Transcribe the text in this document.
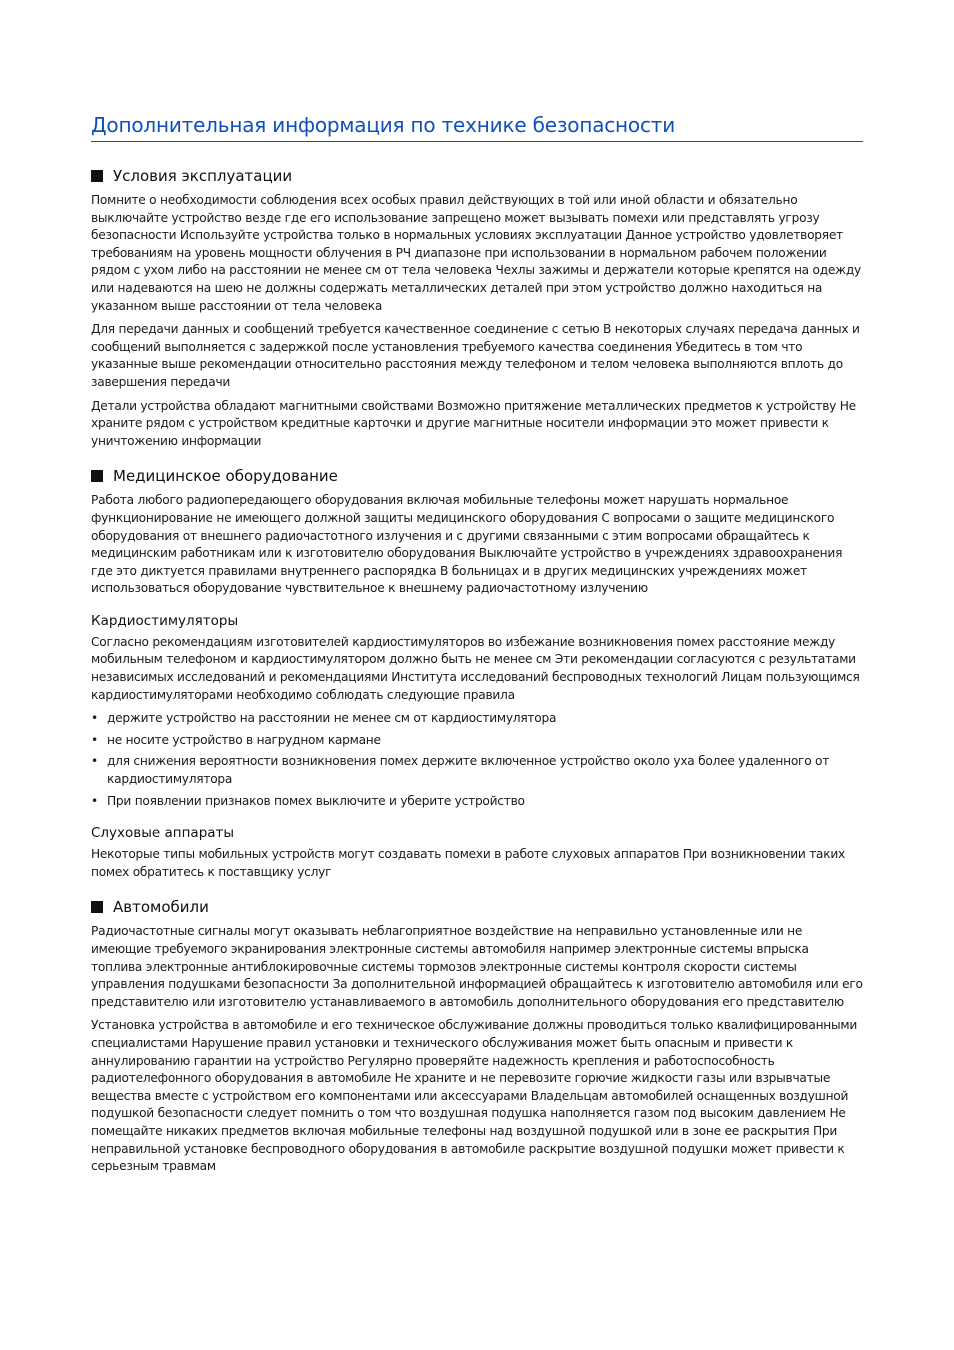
Дополнительная информация по технике безопасности
Условия эксплуатации

Помните о необходимости соблюдения всех особых правил действующих в той или иной области и обязательно выключайте устройство везде где его использование запрещено может вызывать помехи или представлять угрозу безопасности Используйте устройства только в нормальных условиях эксплуатации Данное устройство удовлетворяет требованиям на уровень мощности облучения в РЧ диапазоне при использовании в нормальном рабочем положении рядом с ухом либо на расстоянии не менее см от тела человека Чехлы зажимы и держатели которые крепятся на одежду или надеваются на шею не должны содержать металлических деталей при этом устройство должно находиться на указанном выше расстоянии от тела человека

Для передачи данных и сообщений требуется качественное соединение с сетью В некоторых случаях передача данных и сообщений выполняется с задержкой после установления требуемого качества соединения Убедитесь в том что указанные выше рекомендации относительно расстояния между телефоном и телом человека выполняются вплоть до завершения передачи

Детали устройства обладают магнитными свойствами Возможно притяжение металлических предметов к устройству Не храните рядом с устройством кредитные карточки и другие магнитные носители информации это может привести к уничтожению информации

Медицинское оборудование

Работа любого радиопередающего оборудования включая мобильные телефоны может нарушать нормальное функционирование не имеющего должной защиты медицинского оборудования С вопросами о защите медицинского оборудования от внешнего радиочастотного излучения и с другими связанными с этим вопросами обращайтесь к медицинским работникам или к изготовителю оборудования Выключайте устройство в учреждениях здравоохранения где это диктуется правилами внутреннего распорядка В больницах и в других медицинских учреждениях может использоваться оборудование чувствительное к внешнему радиочастотному излучению

Кардиостимуляторы

Согласно рекомендациям изготовителей кардиостимуляторов во избежание возникновения помех расстояние между мобильным телефоном и кардиостимулятором должно быть не менее см Эти рекомендации согласуются с результатами независимых исследований и рекомендациями Института исследований беспроводных технологий Лицам пользующимся кардиостимуляторами необходимо соблюдать следующие правила

• держите устройство на расстоянии не менее см от кардиостимулятора
• не носите устройство в нагрудном кармане
• для снижения вероятности возникновения помех держите включенное устройство около уха более удаленного от кардиостимулятора
• При появлении признаков помех выключите и уберите устройство
Слуховые аппараты

Некоторые типы мобильных устройств могут создавать помехи в работе слуховых аппаратов При возникновении таких помех обратитесь к поставщику услуг

Автомобили

Радиочастотные сигналы могут оказывать неблагоприятное воздействие на неправильно установленные или не имеющие требуемого экранирования электронные системы автомобиля например электронные системы впрыска топлива электронные антиблокировочные системы тормозов электронные системы контроля скорости системы управления подушками безопасности За дополнительной информацией обращайтесь к изготовителю автомобиля или его представителю или изготовителю устанавливаемого в автомобиль дополнительного оборудования его представителю

Установка устройства в автомобиле и его техническое обслуживание должны проводиться только квалифицированными специалистами Нарушение правил установки и технического обслуживания может быть опасным и привести к аннулированию гарантии на устройство Регулярно проверяйте надежность крепления и работоспособность радиотелефонного оборудования в автомобиле Не храните и не перевозите горючие жидкости газы или взрывчатые вещества вместе с устройством его компонентами или аксессуарами Владельцам автомобилей оснащенных воздушной подушкой безопасности следует помнить о том что воздушная подушка наполняется газом под высоким давлением Не помещайте никаких предметов включая мобильные телефоны над воздушной подушкой или в зоне ее раскрытия При неправильной установке беспроводного оборудования в автомобиле раскрытие воздушной подушки может привести к серьезным травмам
